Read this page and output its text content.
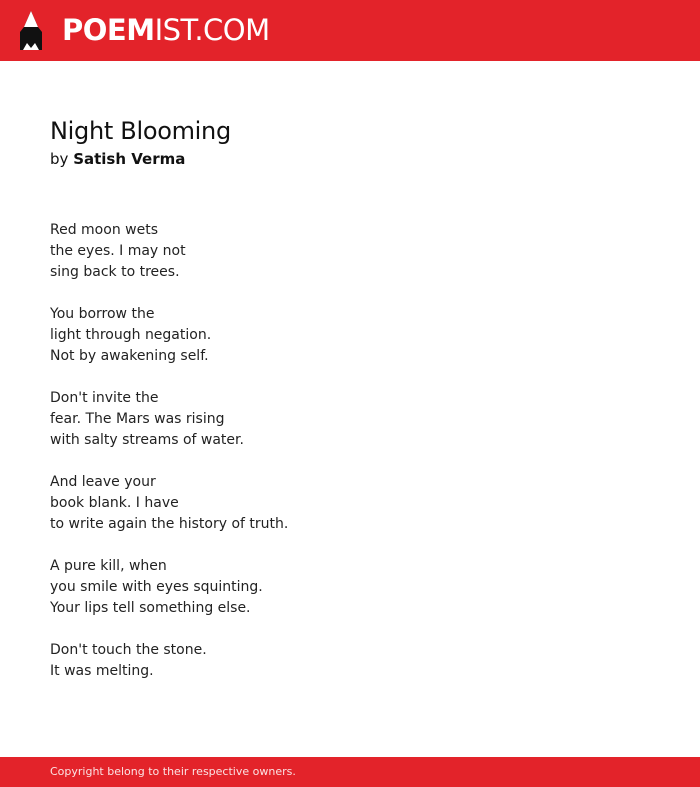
POEMIST.COM
Night Blooming
by Satish Verma
Red moon wets
the eyes. I may not
sing back to trees.
You borrow the
light through negation.
Not by awakening self.
Don't invite the
fear. The Mars was rising
with salty streams of water.
And leave your
book blank. I have
to write again the history of truth.
A pure kill, when
you smile with eyes squinting.
Your lips tell something else.
Don't touch the stone.
It was melting.
Copyright belong to their respective owners.
